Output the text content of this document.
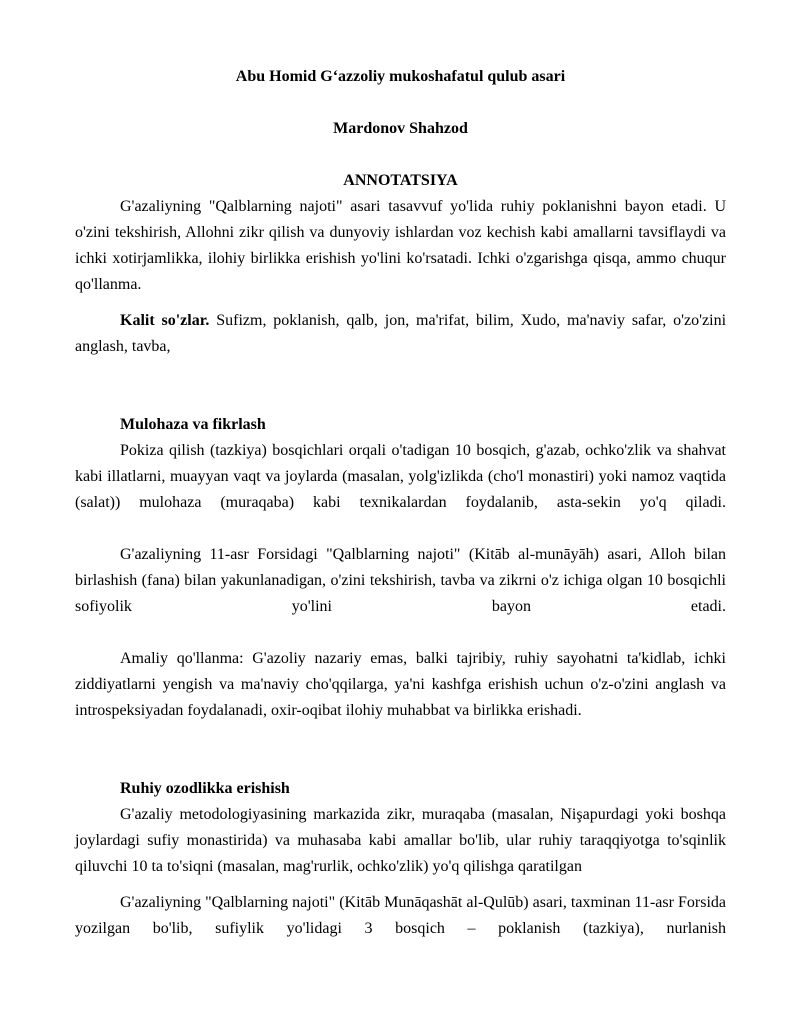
Abu Homid G‘azzoliy mukoshafatul qulub asari
Mardonov Shahzod
ANNOTATSIYA

G'azaliyning "Qalblarning najoti" asari tasavvuf yo'lida ruhiy poklanishni bayon etadi. U o'zini tekshirish, Allohni zikr qilish va dunyoviy ishlardan voz kechish kabi amallarni tavsiflaydi va ichki xotirjamlikka, ilohiy birlikka erishish yo'lini ko'rsatadi. Ichki o'zgarishga qisqa, ammo chuqur qo'llanma.

Kalit so'zlar. Sufizm, poklanish, qalb, jon, ma'rifat, bilim, Xudo, ma'naviy safar, o'zo'zini anglash, tavba,

Mulohaza va fikrlash

Pokiza qilish (tazkiya) bosqichlari orqali o'tadigan 10 bosqich, g'azab, ochko'zlik va shahvat kabi illatlarni, muayyan vaqt va joylarda (masalan, yolg'izlikda (cho'l monastiri) yoki namoz vaqtida (salat)) mulohaza (muraqaba) kabi texnikalardan foydalanib, asta-sekin yo'q qiladi.

G'azaliyning 11-asr Forsidagi "Qalblarning najoti" (Kitāb al-munāyāh) asari, Alloh bilan birlashish (fana) bilan yakunlanadigan, o'zini tekshirish, tavba va zikrni o'z ichiga olgan 10 bosqichli sofiyolik yo'lini bayon etadi.

Amaliy qo'llanma: G'azoliy nazariy emas, balki tajribiy, ruhiy sayohatni ta'kidlab, ichki ziddiyatlarni yengish va ma'naviy cho'qqilarga, ya'ni kashfga erishish uchun o'z-o'zini anglash va introspeksiyadan foydalanadi, oxir-oqibat ilohiy muhabbat va birlikka erishadi.

Ruhiy ozodlikka erishish

G'azaliy metodologiyasining markazida zikr, muraqaba (masalan, Nişapurdagi yoki boshqa joylardagi sufiy monastirida) va muhasaba kabi amallar bo'lib, ular ruhiy taraqqiyotga to'sqinlik qiluvchi 10 ta to'siqni (masalan, mag'rurlik, ochko'zlik) yo'q qilishga qaratilgan

G'azaliyning "Qalblarning najoti" (Kitāb Munāqashāt al-Qulūb) asari, taxminan 11-asr Forsida yozilgan bo'lib, sufiylik yo'lidagi 3 bosqich – poklanish (tazkiya), nurlanish
